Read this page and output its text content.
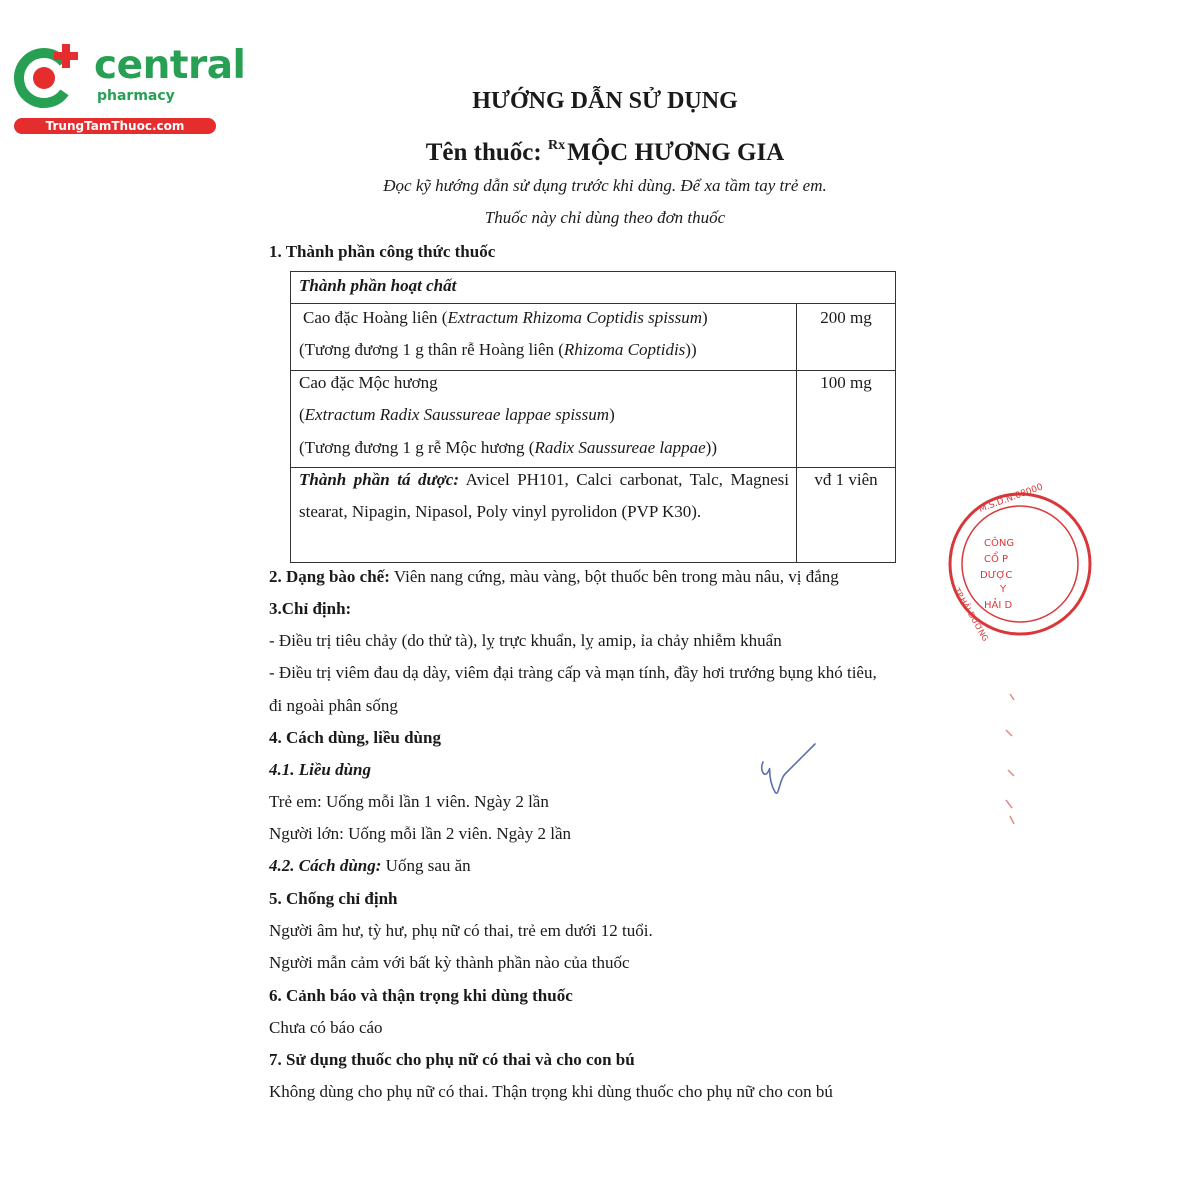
central
pharmacy
TrungTamThuoc.com
HƯỚNG DẪN SỬ DỤNG
Tên thuốc: $^{Rx}$MỘC HƯƠNG GIA
Đọc kỹ hướng dẫn sử dụng trước khi dùng. Để xa tầm tay trẻ em.
Thuốc này chỉ dùng theo đơn thuốc
1. Thành phần công thức thuốc
Thành phần hoạt chất
Cao đặc Hoàng liên (Extractum Rhizoma Coptidis spissum)
(Tương đương 1 g thân rễ Hoàng liên (Rhizoma Coptidis))
200 mg
Cao đặc Mộc hương
(Extractum Radix Saussureae lappae spissum)
(Tương đương 1 g rễ Mộc hương (Radix Saussureae lappae))
100 mg
Thành phần tá dược: Avicel PH101, Calci carbonat, Talc, Magnesi stearat, Nipagin, Nipasol, Poly vinyl pyrolidon (PVP K30).
vđ 1 viên
2. Dạng bào chế: Viên nang cứng, màu vàng, bột thuốc bên trong màu nâu, vị đắng
3.Chỉ định:
- Điều trị tiêu chảy (do thử tà), lỵ trực khuẩn, lỵ amip, ỉa chảy nhiễm khuẩn
- Điều trị viêm đau dạ dày, viêm đại tràng cấp và mạn tính, đầy hơi trướng bụng khó tiêu,
đi ngoài phân sống
4. Cách dùng, liều dùng
4.1. Liều dùng
Trẻ em: Uống mỗi lần 1 viên. Ngày 2 lần
Người lớn: Uống mỗi lần 2 viên. Ngày 2 lần
4.2. Cách dùng: Uống sau ăn
5. Chống chỉ định
Người âm hư, tỳ hư, phụ nữ có thai, trẻ em dưới 12 tuổi.
Người mẫn cảm với bất kỳ thành phần nào của thuốc
6. Cảnh báo và thận trọng khi dùng thuốc
Chưa có báo cáo
7. Sử dụng thuốc cho phụ nữ có thai và cho con bú
Không dùng cho phụ nữ có thai. Thận trọng khi dùng thuốc cho phụ nữ cho con bú
M.S.D.N:08000
CÔNG
CỔ P
DƯỢC
Y
HẢI D
TP.HẢI DƯƠNG
